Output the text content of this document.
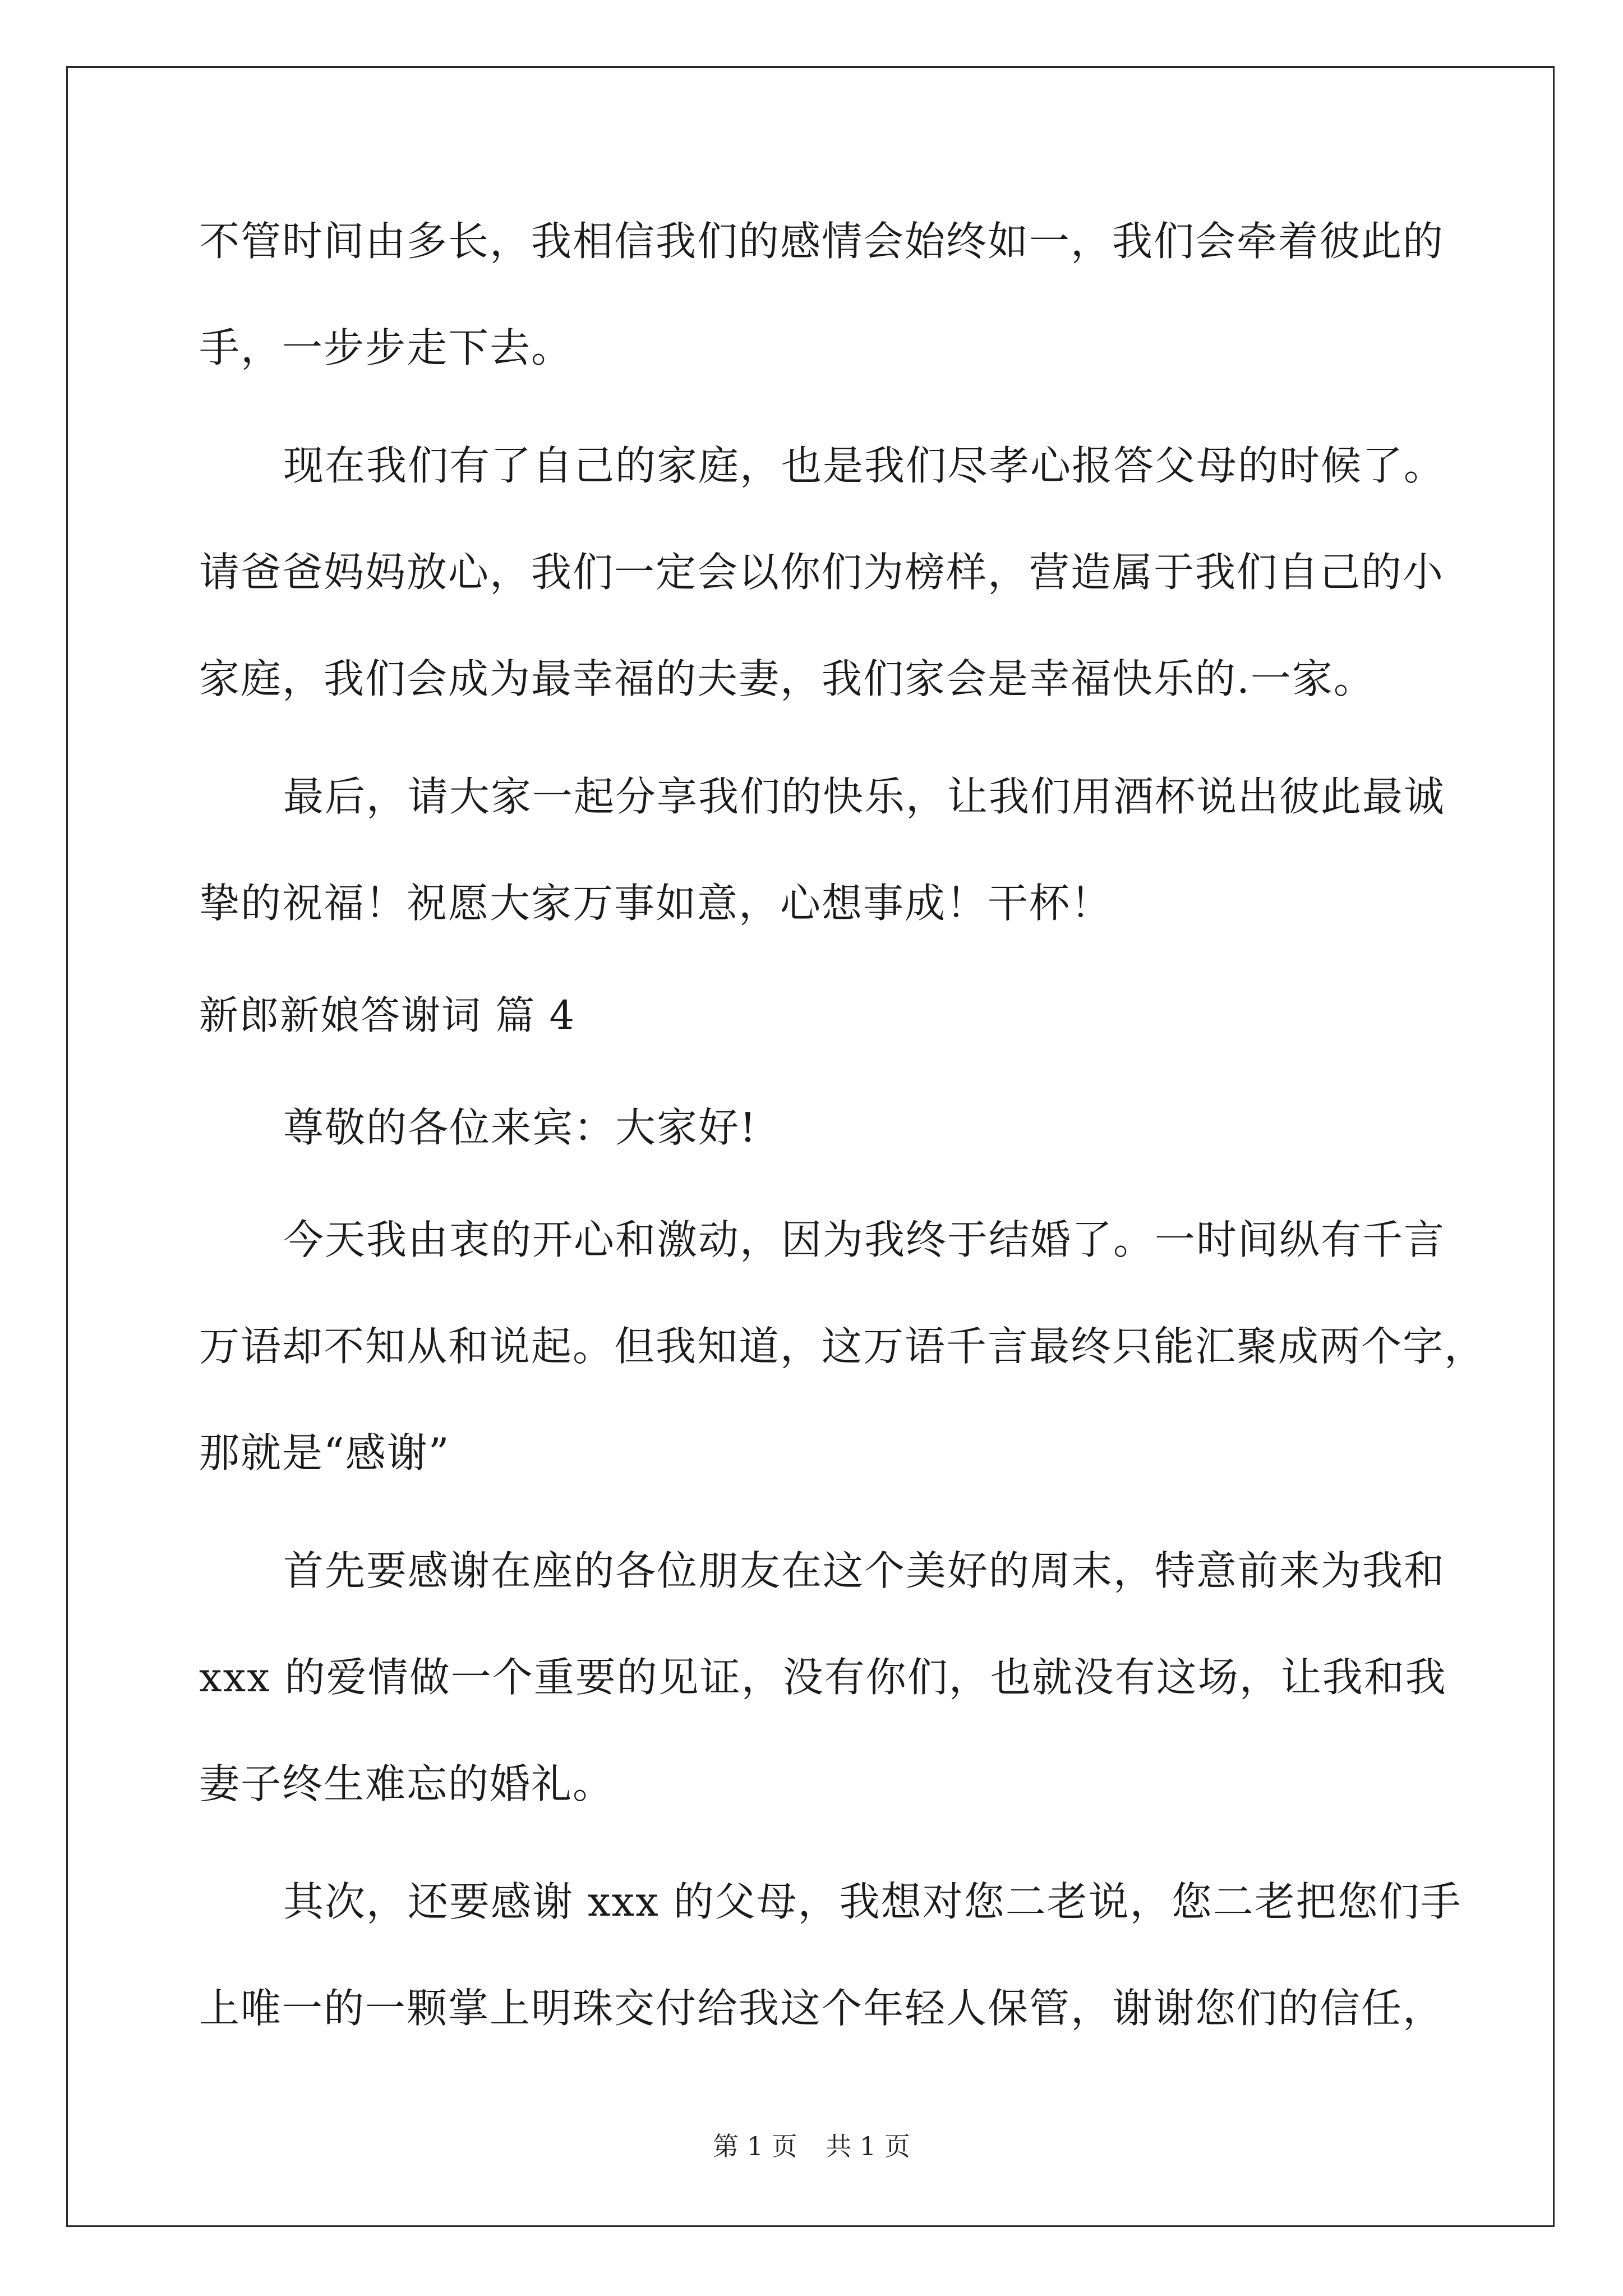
不管时间由多长，我相信我们的感情会始终如一，我们会牵着彼此的
手，一步步走下去。
现在我们有了自己的家庭，也是我们尽孝心报答父母的时候了。
请爸爸妈妈放心，我们一定会以你们为榜样，营造属于我们自己的小
家庭，我们会成为最幸福的夫妻，我们家会是幸福快乐的.一家。
最后，请大家一起分享我们的快乐，让我们用酒杯说出彼此最诚
挚的祝福！祝愿大家万事如意，心想事成！干杯！
新郎新娘答谢词 篇 4
尊敬的各位来宾：大家好!
今天我由衷的开心和激动，因为我终于结婚了。一时间纵有千言
万语却不知从和说起。但我知道，这万语千言最终只能汇聚成两个字，
那就是“感谢”
首先要感谢在座的各位朋友在这个美好的周末，特意前来为我和
xxx 的爱情做一个重要的见证，没有你们，也就没有这场，让我和我
妻子终生难忘的婚礼。
其次，还要感谢 xxx 的父母，我想对您二老说，您二老把您们手
上唯一的一颗掌上明珠交付给我这个年轻人保管，谢谢您们的信任，
第 1 页 共 1 页
